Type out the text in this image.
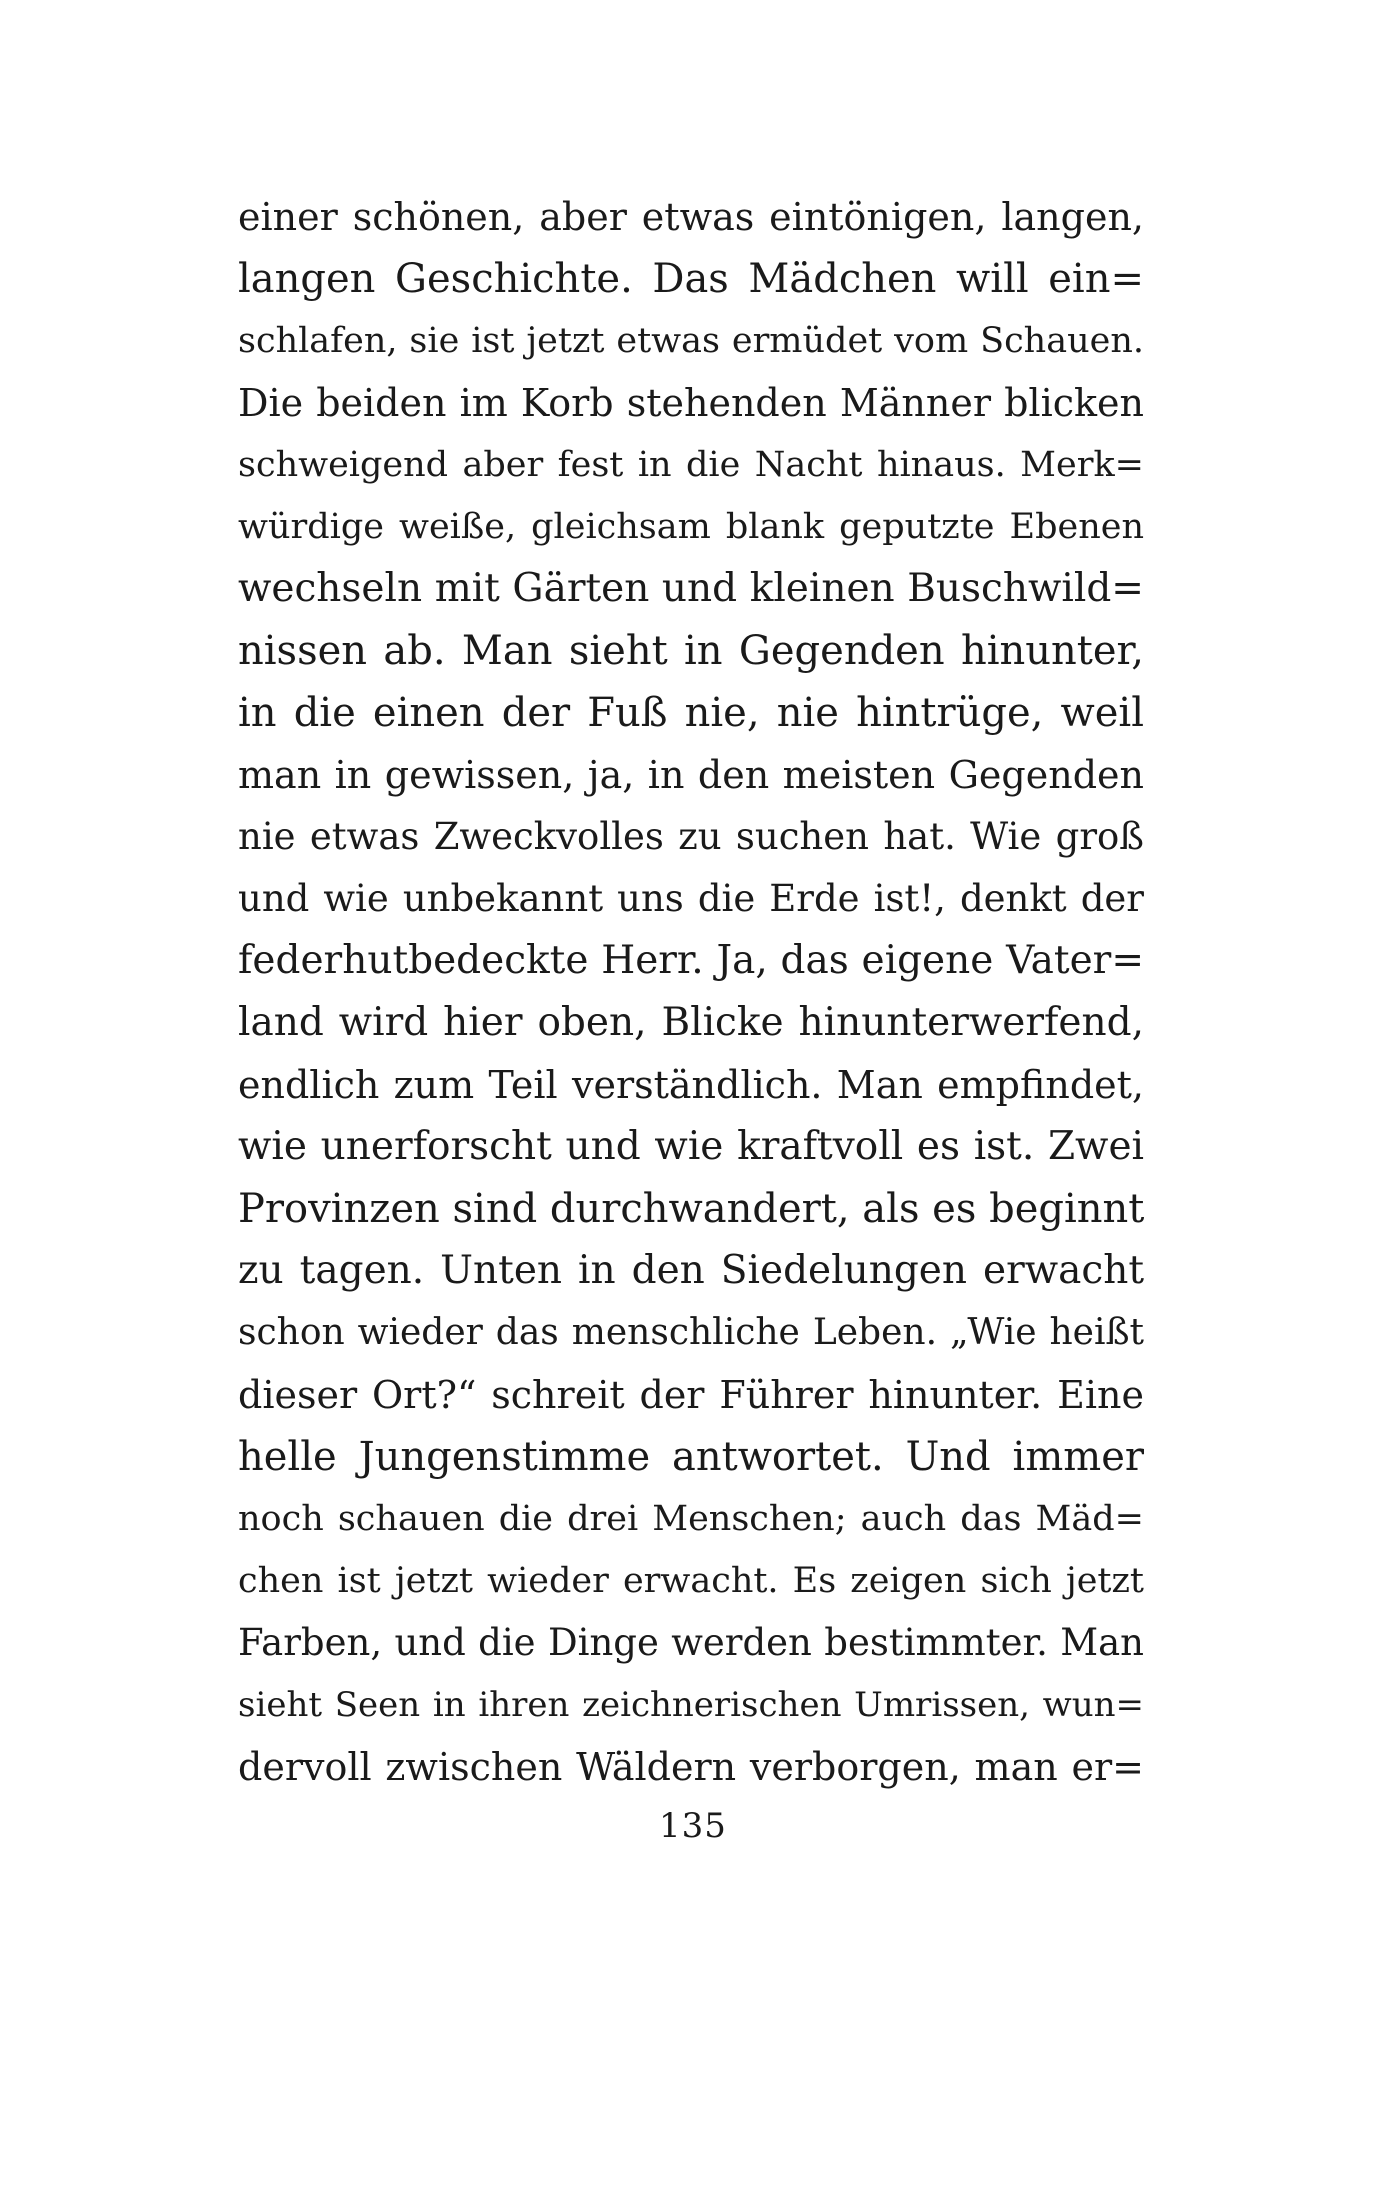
einer schönen, aber etwas eintönigen, langen,
langen Geschichte. Das Mädchen will ein=
schlafen, sie ist jetzt etwas ermüdet vom Schauen.
Die beiden im Korb stehenden Männer blicken
schweigend aber fest in die Nacht hinaus. Merk=
würdige weiße, gleichsam blank geputzte Ebenen
wechseln mit Gärten und kleinen Buschwild=
nissen ab. Man sieht in Gegenden hinunter,
in die einen der Fuß nie, nie hintrüge, weil
man in gewissen, ja, in den meisten Gegenden
nie etwas Zweckvolles zu suchen hat. Wie groß
und wie unbekannt uns die Erde ist!, denkt der
federhutbedeckte Herr. Ja, das eigene Vater=
land wird hier oben, Blicke hinunterwerfend,
endlich zum Teil verständlich. Man empfindet,
wie unerforscht und wie kraftvoll es ist. Zwei
Provinzen sind durchwandert, als es beginnt
zu tagen. Unten in den Siedelungen erwacht
schon wieder das menschliche Leben. „Wie heißt
dieser Ort?“ schreit der Führer hinunter. Eine
helle Jungenstimme antwortet. Und immer
noch schauen die drei Menschen; auch das Mäd=
chen ist jetzt wieder erwacht. Es zeigen sich jetzt
Farben, und die Dinge werden bestimmter. Man
sieht Seen in ihren zeichnerischen Umrissen, wun=
dervoll zwischen Wäldern verborgen, man er=
135
